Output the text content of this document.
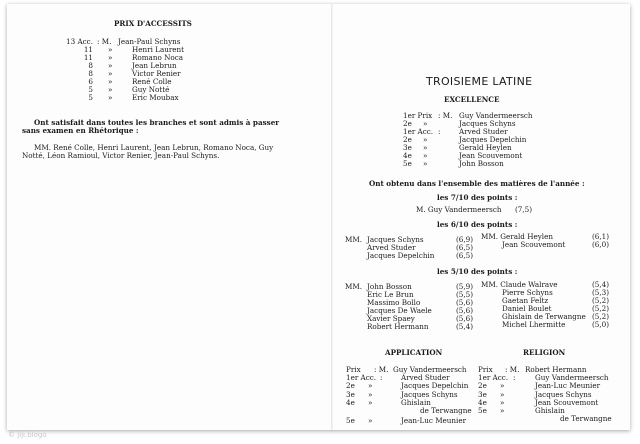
PRIX D'ACCESSITS
13 Acc. : M. Jean-Paul Schyns
11 »	Henri Laurent
11 »	Romano Noca
8 »	Jean Lebrun
8 »	Victor Renier
6 »	René Colle
5 »	Guy Notté
5 »	Eric Moubax
Ont satisfait dans toutes les branches et sont admis à passer
sans examen en Rhétorique :
MM. René Colle, Henri Laurent, Jean Lebrun, Romano Noca, Guy
Notté, Léon Ramioul, Victor Renier, Jean-Paul Schyns.
TROISIEME LATINE
EXCELLENCE
1er Prix : M. Guy Vandermeersch
2e »	Jacques Schyns
1er Acc. :	Arved Studer
2e »	Jacques Depelchin
3e »	Gerald Heylen
4e »	Jean Scouvemont
5e »	John Bosson
Ont obtenu dans l'ensemble des matières de l'année :
les 7/10 des points :
M. Guy Vandermeersch (7,5)
les 6/10 des points :
MM. Jacques Schyns	(6,9)
Arved Studer	(6,5)
Jacques Depelchin	(6,5)
MM. Gerald Heylen	(6,1)
Jean Scouvemont	(6,0)
les 5/10 des points :
MM. John Bosson	(5,9)
Eric Le Brun	(5,5)
Massimo Bollo	(5,6)
Jacques De Waele	(5,6)
Xavier Spaey	(5,6)
Robert Hermann	(5,4)
MM. Claude Walrave	(5,4)
Pierre Schyns	(5,3)
Gaetan Feltz	(5,2)
Daniel Boulet	(5,2)
Ghislain de Terwangne (5,2)
Michel Lhermitte	(5,0)
APPLICATION
Prix : M. Guy Vandermeersch
1er Acc. :	Arved Studer
2e »	Jacques Depelchin
3e »	Jacques Schyns
4e »	Ghislain
de Terwangne
5e »	Jean-Luc Meunier
RELIGION
Prix : M. Robert Hermann
1er Acc. :	Guy Vandermeersch
2e »	Jean-Luc Meunier
3e »	Jacques Schyns
4e »	Jean Scouvemont
5e »	Ghislain
de Terwangne
© jiji.blogo
